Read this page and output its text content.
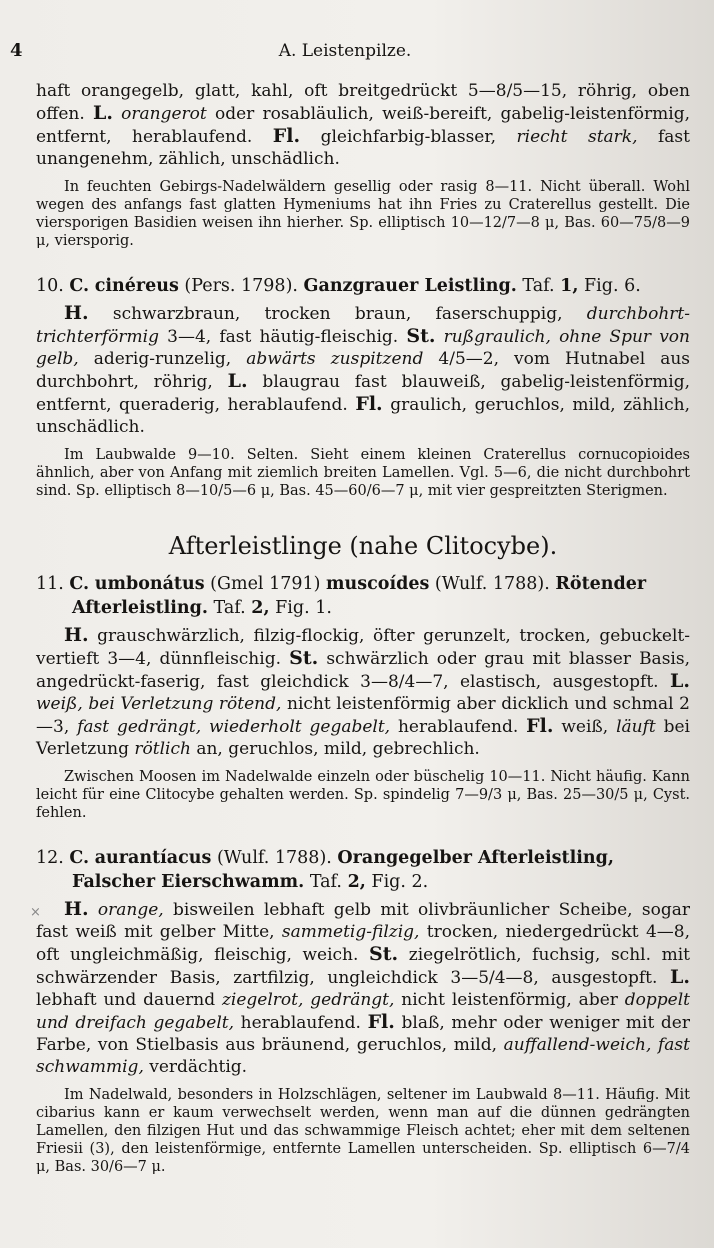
4	A. Leistenpilze.

haft orangegelb, glatt, kahl, oft breitgedrückt 5—8/5—15, röhrig, oben offen. L. orangerot oder rosabläulich, weiß-bereift, gabelig-leistenförmig, entfernt, herablaufend. Fl. gleichfarbig-blasser, riecht stark, fast unangenehm, zählich, unschädlich.

In feuchten Gebirgs-Nadelwäldern gesellig oder rasig 8—11. Nicht überall. Wohl wegen des anfangs fast glatten Hymeniums hat ihn Fries zu Craterellus gestellt. Die viersporigen Basidien weisen ihn hierher. Sp. elliptisch 10—12/7—8 μ, Bas. 60—75/8—9 μ, viersporig.

10. C. cinéreus (Pers. 1798). Ganzgrauer Leistling. Taf. 1, Fig. 6.

H. schwarzbraun, trocken braun, faserschuppig, durchbohrt-trichterförmig 3—4, fast häutig-fleischig. St. rußgraulich, ohne Spur von gelb, aderig-runzelig, abwärts zuspitzend 4/5—2, vom Hutnabel aus durchbohrt, röhrig, L. blaugrau fast blauweiß, gabelig-leistenförmig, entfernt, queraderig, herablaufend. Fl. graulich, geruchlos, mild, zählich, unschädlich.

Im Laubwalde 9—10. Selten. Sieht einem kleinen Craterellus cornucopioides ähnlich, aber von Anfang mit ziemlich breiten Lamellen. Vgl. 5—6, die nicht durchbohrt sind. Sp. elliptisch 8—10/5—6 μ, Bas. 45—60/6—7 μ, mit vier gespreitzten Sterigmen.

Afterleistlinge (nahe Clitocybe).
11. C. umbonátus (Gmel 1791) muscoídes (Wulf. 1788). Rötender Afterleistling. Taf. 2, Fig. 1.

H. grauschwärzlich, filzig-flockig, öfter gerunzelt, trocken, gebuckelt-vertieft 3—4, dünnfleischig. St. schwärzlich oder grau mit blasser Basis, angedrückt-faserig, fast gleichdick 3—8/4—7, elastisch, ausgestopft. L. weiß, bei Verletzung rötend, nicht leistenförmig aber dicklich und schmal 2—3, fast gedrängt, wiederholt gegabelt, herablaufend. Fl. weiß, läuft bei Verletzung rötlich an, geruchlos, mild, gebrechlich.

Zwischen Moosen im Nadelwalde einzeln oder büschelig 10—11. Nicht häufig. Kann leicht für eine Clitocybe gehalten werden. Sp. spindelig 7—9/3 μ, Bas. 25—30/5 μ, Cyst. fehlen.

12. C. aurantíacus (Wulf. 1788). Orangegelber Afterleistling, Falscher Eierschwamm. Taf. 2, Fig. 2.

H. orange, bisweilen lebhaft gelb mit olivbräunlicher Scheibe, sogar fast weiß mit gelber Mitte, sammetig-filzig, trocken, niedergedrückt 4—8, oft ungleichmäßig, fleischig, weich. St. ziegelrötlich, fuchsig, schl. mit schwärzender Basis, zartfilzig, ungleichdick 3—5/4—8, ausgestopft. L. lebhaft und dauernd ziegelrot, gedrängt, nicht leistenförmig, aber doppelt und dreifach gegabelt, herablaufend. Fl. blaß, mehr oder weniger mit der Farbe, von Stielbasis aus bräunend, geruchlos, mild, auffallend-weich, fast schwammig, verdächtig.

Im Nadelwald, besonders in Holzschlägen, seltener im Laubwald 8—11. Häufig. Mit cibarius kann er kaum verwechselt werden, wenn man auf die dünnen gedrängten Lamellen, den filzigen Hut und das schwammige Fleisch achtet; eher mit dem seltenen Friesii (3), den leistenförmige, entfernte Lamellen unterscheiden. Sp. elliptisch 6—7/4 μ, Bas. 30/6—7 μ.

×
